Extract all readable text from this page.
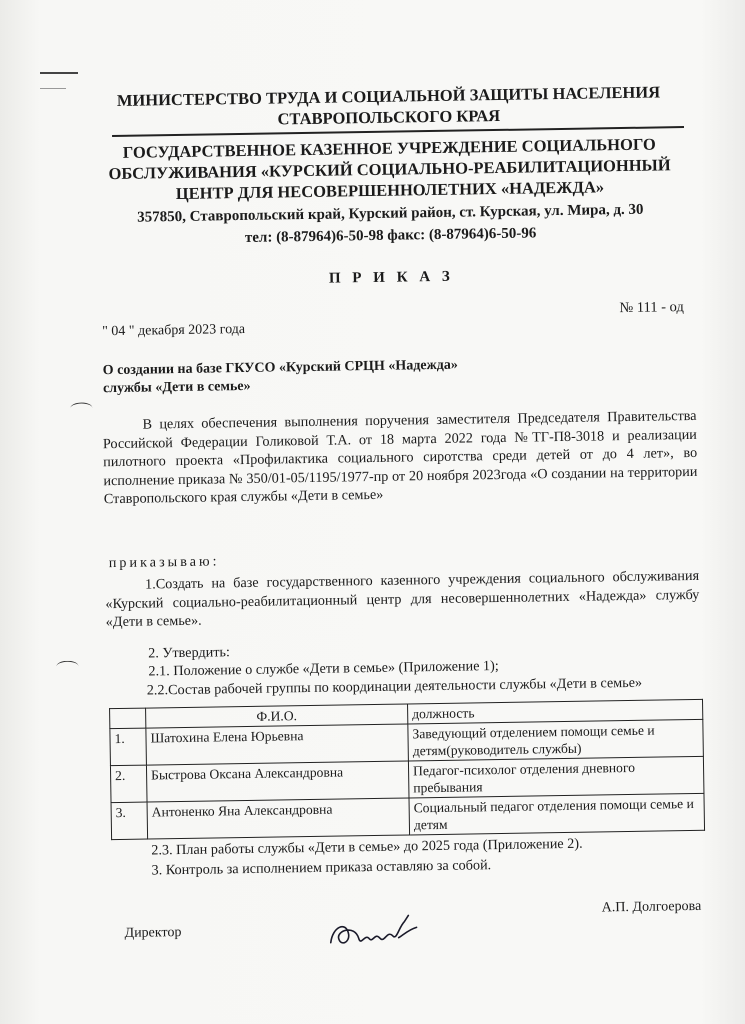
МИНИСТЕРСТВО ТРУДА И СОЦИАЛЬНОЙ ЗАЩИТЫ НАСЕЛЕНИЯ
СТАВРОПОЛЬСКОГО КРАЯ
ГОСУДАРСТВЕННОЕ КАЗЕННОЕ УЧРЕЖДЕНИЕ СОЦИАЛЬНОГО
ОБСЛУЖИВАНИЯ «КУРСКИЙ СОЦИАЛЬНО-РЕАБИЛИТАЦИОННЫЙ
ЦЕНТР ДЛЯ НЕСОВЕРШЕННОЛЕТНИХ «НАДЕЖДА»
357850, Ставропольский край, Курский район, ст. Курская, ул. Мира, д. 30
тел: (8-87964)6-50-98 факс: (8-87964)6-50-96
П Р И К А З
№ 111 - од
" 04 " декабря 2023 года
О создании на базе ГКУСО «Курский СРЦН «Надежда»
службы «Дети в семье»
В целях обеспечения выполнения поручения заместителя Председателя Правительства Российской Федерации Голиковой Т.А. от 18 марта 2022 года №ТГ-П8-3018 и реализации пилотного проекта «Профилактика социального сиротства среди детей от до 4 лет», во исполнение приказа № 350/01-05/1195/1977-пр от 20 ноября 2023года «О создании на территории Ставропольского края службы «Дети в семье»
приказываю:
1.Создать на базе государственного казенного учреждения социального обслуживания «Курский социально-реабилитационный центр для несовершеннолетних «Надежда» службу «Дети в семье».
2. Утвердить:
2.1. Положение о службе «Дети в семье» (Приложение 1);
2.2.Состав рабочей группы по координации деятельности службы «Дети в семье»
	Ф.И.О.	должность
1.	Шатохина Елена Юрьевна	Заведующий отделением помощи семье и детям(руководитель службы)
2.	Быстрова Оксана Александровна	Педагог-психолог отделения дневного пребывания
3.	Антоненко Яна Александровна	Социальный педагог отделения помощи семье и детям
2.3. План работы службы «Дети в семье» до 2025 года (Приложение 2).
3. Контроль за исполнением приказа оставляю за собой.
Директор
А.П. Долгоерова
